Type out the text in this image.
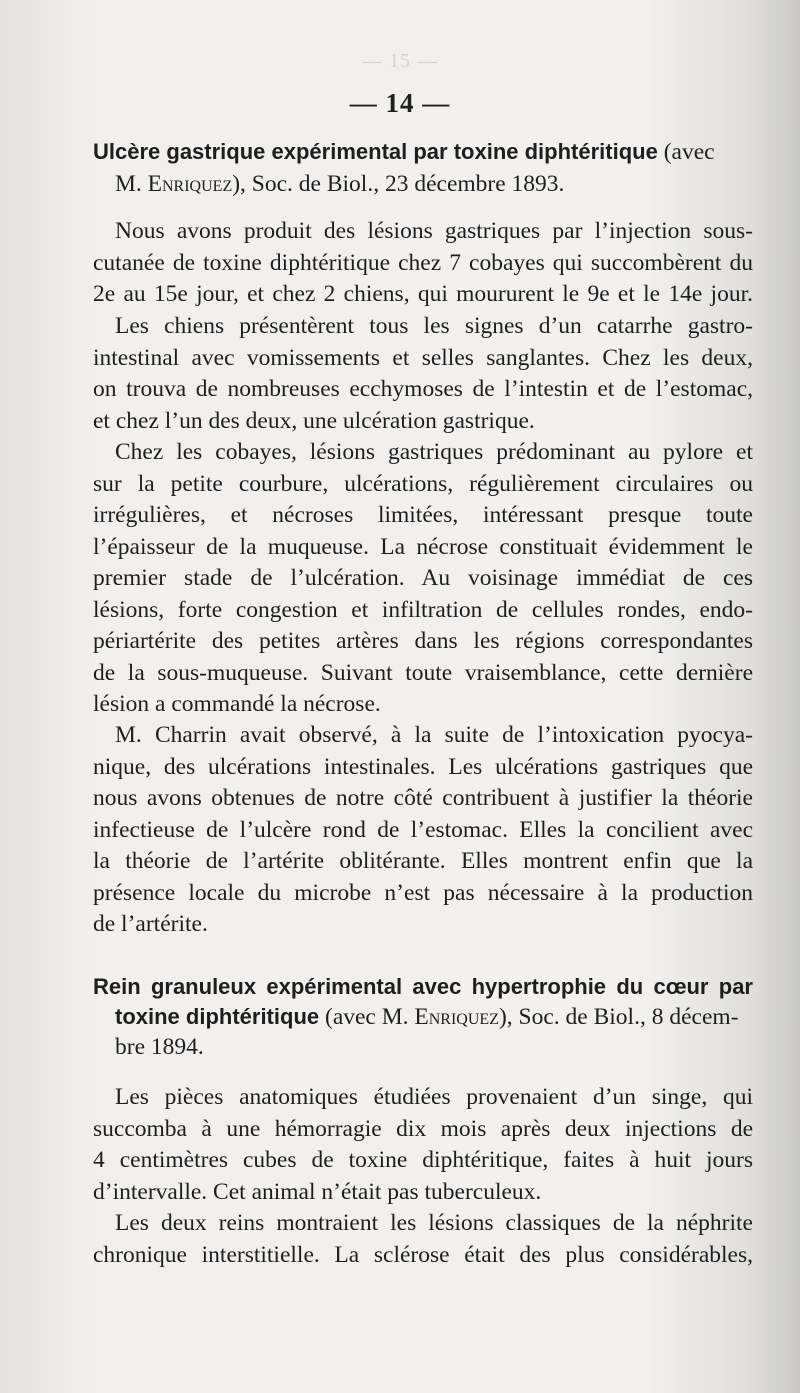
— 15 —
— 14 —
Ulcère gastrique expérimental par toxine diphtéritique (avec
M. Enriquez), Soc. de Biol., 23 décembre 1893.
Nous avons produit des lésions gastriques par l’injection sous-
cutanée de toxine diphtéritique chez 7 cobayes qui succombèrent du
2e au 15e jour, et chez 2 chiens, qui moururent le 9e et le 14e jour.
Les chiens présentèrent tous les signes d’un catarrhe gastro-
intestinal avec vomissements et selles sanglantes. Chez les deux,
on trouva de nombreuses ecchymoses de l’intestin et de l’estomac,
et chez l’un des deux, une ulcération gastrique.
Chez les cobayes, lésions gastriques prédominant au pylore et
sur la petite courbure, ulcérations, régulièrement circulaires ou
irrégulières, et nécroses limitées, intéressant presque toute
l’épaisseur de la muqueuse. La nécrose constituait évidemment le
premier stade de l’ulcération. Au voisinage immédiat de ces
lésions, forte congestion et infiltration de cellules rondes, endo-
périartérite des petites artères dans les régions correspondantes
de la sous-muqueuse. Suivant toute vraisemblance, cette dernière
lésion a commandé la nécrose.
M. Charrin avait observé, à la suite de l’intoxication pyocya-
nique, des ulcérations intestinales. Les ulcérations gastriques que
nous avons obtenues de notre côté contribuent à justifier la théorie
infectieuse de l’ulcère rond de l’estomac. Elles la concilient avec
la théorie de l’artérite oblitérante. Elles montrent enfin que la
présence locale du microbe n’est pas nécessaire à la production
de l’artérite.
Rein granuleux expérimental avec hypertrophie du cœur par
toxine diphtéritique (avec M. Enriquez), Soc. de Biol., 8 décem-
bre 1894.
Les pièces anatomiques étudiées provenaient d’un singe, qui
succomba à une hémorragie dix mois après deux injections de
4 centimètres cubes de toxine diphtéritique, faites à huit jours
d’intervalle. Cet animal n’était pas tuberculeux.
Les deux reins montraient les lésions classiques de la néphrite
chronique interstitielle. La sclérose était des plus considérables,
